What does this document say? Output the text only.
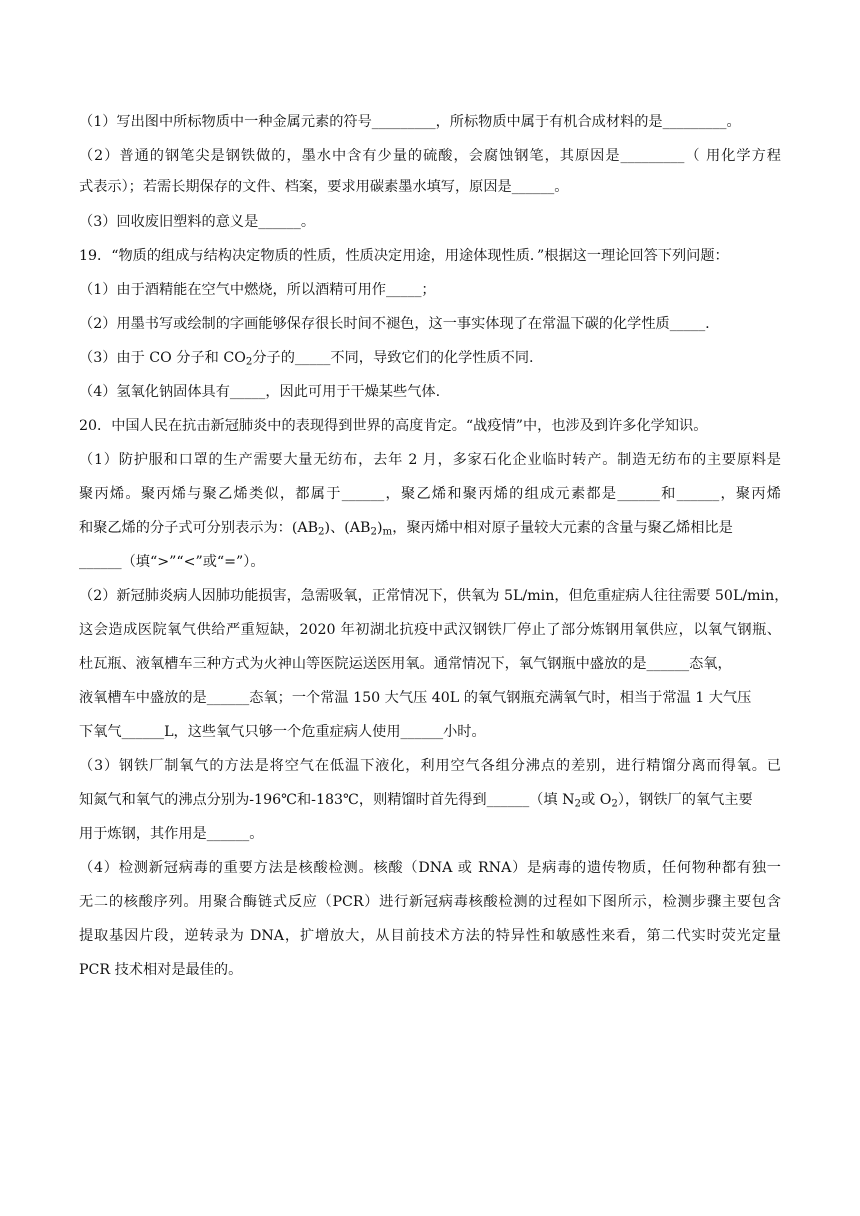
（1）写出图中所标物质中一种金属元素的符号_________，所标物质中属于有机合成材料的是_________。
（2）普通的钢笔尖是钢铁做的，墨水中含有少量的硫酸，会腐蚀钢笔，其原因是_________（ 用化学方程
式表示）；若需长期保存的文件、档案，要求用碳素墨水填写，原因是______。
（3）回收废旧塑料的意义是______。
19．“物质的组成与结构决定物质的性质，性质决定用途，用途体现性质．”根据这一理论回答下列问题：
（1）由于酒精能在空气中燃烧，所以酒精可用作_____；
（2）用墨书写或绘制的字画能够保存很长时间不褪色，这一事实体现了在常温下碳的化学性质_____.
（3）由于 CO 分子和 $CO_2$分子的_____不同，导致它们的化学性质不同.
（4）氢氧化钠固体具有_____，因此可用于干燥某些气体.
20．中国人民在抗击新冠肺炎中的表现得到世界的高度肯定。“战疫情”中，也涉及到许多化学知识。
（1）防护服和口罩的生产需要大量无纺布，去年 2 月，多家石化企业临时转产。制造无纺布的主要原料是
聚丙烯。聚丙烯与聚乙烯类似，都属于______，聚乙烯和聚丙烯的组成元素都是______和______，聚丙烯
和聚乙烯的分子式可分别表示为：$(AB_2)$、$(AB_2)_m$，聚丙烯中相对原子量较大元素的含量与聚乙烯相比是
______（填“>”“<”或“=”）。
（2）新冠肺炎病人因肺功能损害，急需吸氧，正常情况下，供氧为 5L/min，但危重症病人往往需要 50L/min，
这会造成医院氧气供给严重短缺，2020 年初湖北抗疫中武汉钢铁厂停止了部分炼钢用氧供应，以氧气钢瓶、
杜瓦瓶、液氧槽车三种方式为火神山等医院运送医用氧。通常情况下，氧气钢瓶中盛放的是______态氧，
液氧槽车中盛放的是______态氧；一个常温 150 大气压 40L 的氧气钢瓶充满氧气时，相当于常温 1 大气压
下氧气______L，这些氧气只够一个危重症病人使用______小时。
（3）钢铁厂制氧气的方法是将空气在低温下液化，利用空气各组分沸点的差别，进行精馏分离而得氧。已
知氮气和氧气的沸点分别为-196℃和-183℃，则精馏时首先得到______（填 $N_2$或 $O_2$），钢铁厂的氧气主要
用于炼钢，其作用是______。
（4）检测新冠病毒的重要方法是核酸检测。核酸（DNA 或 RNA）是病毒的遗传物质，任何物种都有独一
无二的核酸序列。用聚合酶链式反应（PCR）进行新冠病毒核酸检测的过程如下图所示，检测步骤主要包含
提取基因片段，逆转录为 DNA，扩增放大，从目前技术方法的特异性和敏感性来看，第二代实时荧光定量
PCR 技术相对是最佳的。
